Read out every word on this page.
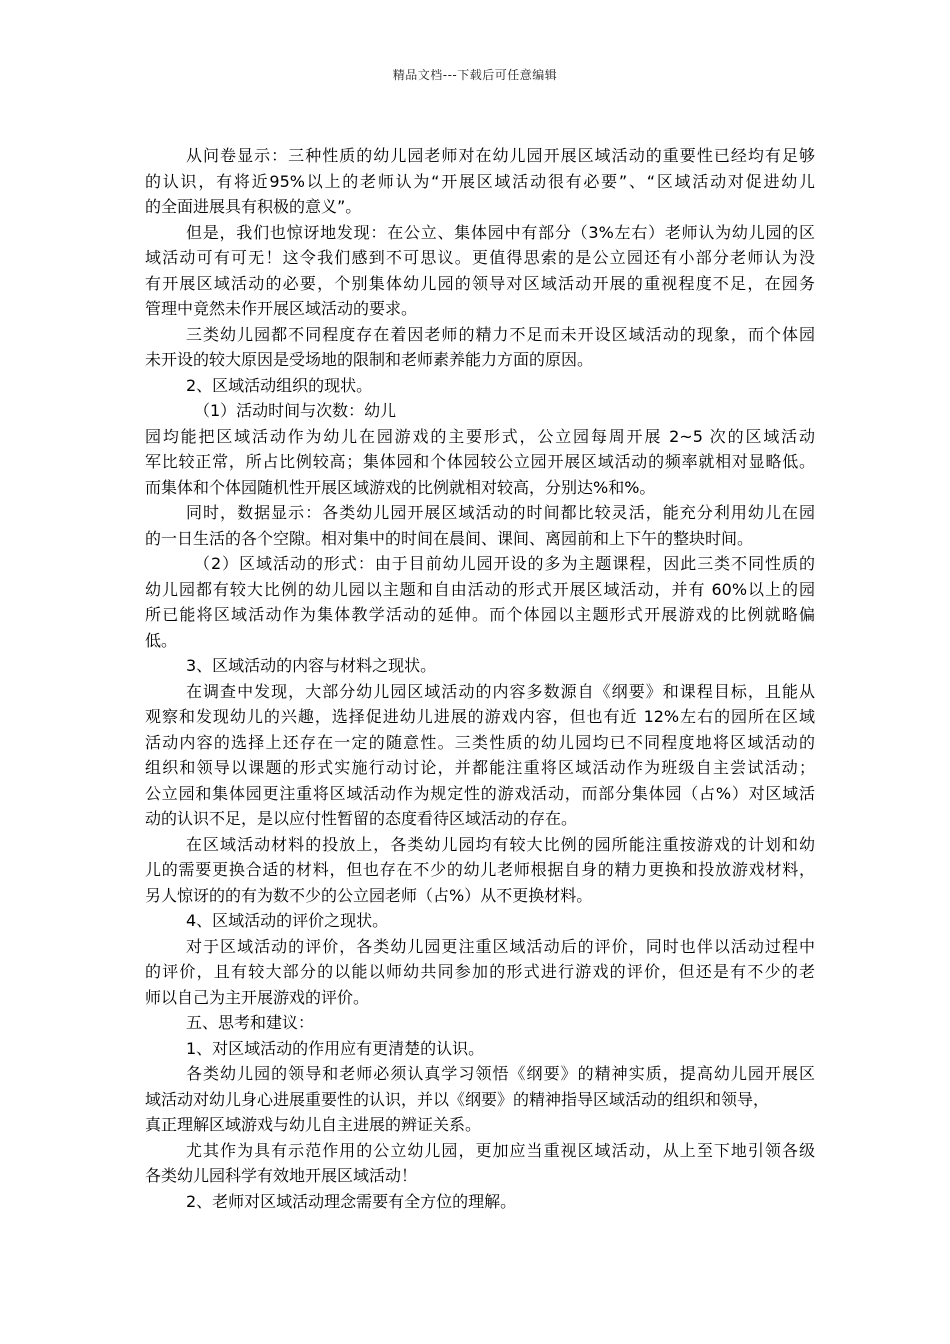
精品文档---下载后可任意编辑
从问卷显示：三种性质的幼儿园老师对在幼儿园开展区域活动的重要性已经均有足够
的认识，有将近95%以上的老师认为“开展区域活动很有必要”、“区域活动对促进幼儿
的全面进展具有积极的意义”。
但是，我们也惊讶地发现：在公立、集体园中有部分（3%左右）老师认为幼儿园的区
域活动可有可无！这令我们感到不可思议。更值得思索的是公立园还有小部分老师认为没
有开展区域活动的必要，个别集体幼儿园的领导对区域活动开展的重视程度不足，在园务
管理中竟然未作开展区域活动的要求。
三类幼儿园都不同程度存在着因老师的精力不足而未开设区域活动的现象，而个体园
未开设的较大原因是受场地的限制和老师素养能力方面的原因。
2、区域活动组织的现状。
（1）活动时间与次数：幼儿
园均能把区域活动作为幼儿在园游戏的主要形式，公立园每周开展 2~5 次的区域活动
军比较正常，所占比例较高；集体园和个体园较公立园开展区域活动的频率就相对显略低。
而集体和个体园随机性开展区域游戏的比例就相对较高，分别达%和%。
同时，数据显示：各类幼儿园开展区域活动的时间都比较灵活，能充分利用幼儿在园
的一日生活的各个空隙。相对集中的时间在晨间、课间、离园前和上下午的整块时间。
（2）区域活动的形式：由于目前幼儿园开设的多为主题课程，因此三类不同性质的
幼儿园都有较大比例的幼儿园以主题和自由活动的形式开展区域活动，并有 60%以上的园
所已能将区域活动作为集体教学活动的延伸。而个体园以主题形式开展游戏的比例就略偏
低。
3、区域活动的内容与材料之现状。
在调查中发现，大部分幼儿园区域活动的内容多数源自《纲要》和课程目标，且能从
观察和发现幼儿的兴趣，选择促进幼儿进展的游戏内容，但也有近 12%左右的园所在区域
活动内容的选择上还存在一定的随意性。三类性质的幼儿园均已不同程度地将区域活动的
组织和领导以课题的形式实施行动讨论，并都能注重将区域活动作为班级自主尝试活动；
公立园和集体园更注重将区域活动作为规定性的游戏活动，而部分集体园（占%）对区域活
动的认识不足，是以应付性暂留的态度看待区域活动的存在。
在区域活动材料的投放上，各类幼儿园均有较大比例的园所能注重按游戏的计划和幼
儿的需要更换合适的材料，但也存在不少的幼儿老师根据自身的精力更换和投放游戏材料，
另人惊讶的的有为数不少的公立园老师（占%）从不更换材料。
4、区域活动的评价之现状。
对于区域活动的评价，各类幼儿园更注重区域活动后的评价，同时也伴以活动过程中
的评价，且有较大部分的以能以师幼共同参加的形式进行游戏的评价，但还是有不少的老
师以自己为主开展游戏的评价。
五、思考和建议：
1、对区域活动的作用应有更清楚的认识。
各类幼儿园的领导和老师必须认真学习领悟《纲要》的精神实质，提高幼儿园开展区
域活动对幼儿身心进展重要性的认识，并以《纲要》的精神指导区域活动的组织和领导，
真正理解区域游戏与幼儿自主进展的辨证关系。
尤其作为具有示范作用的公立幼儿园，更加应当重视区域活动，从上至下地引领各级
各类幼儿园科学有效地开展区域活动！
2、老师对区域活动理念需要有全方位的理解。
